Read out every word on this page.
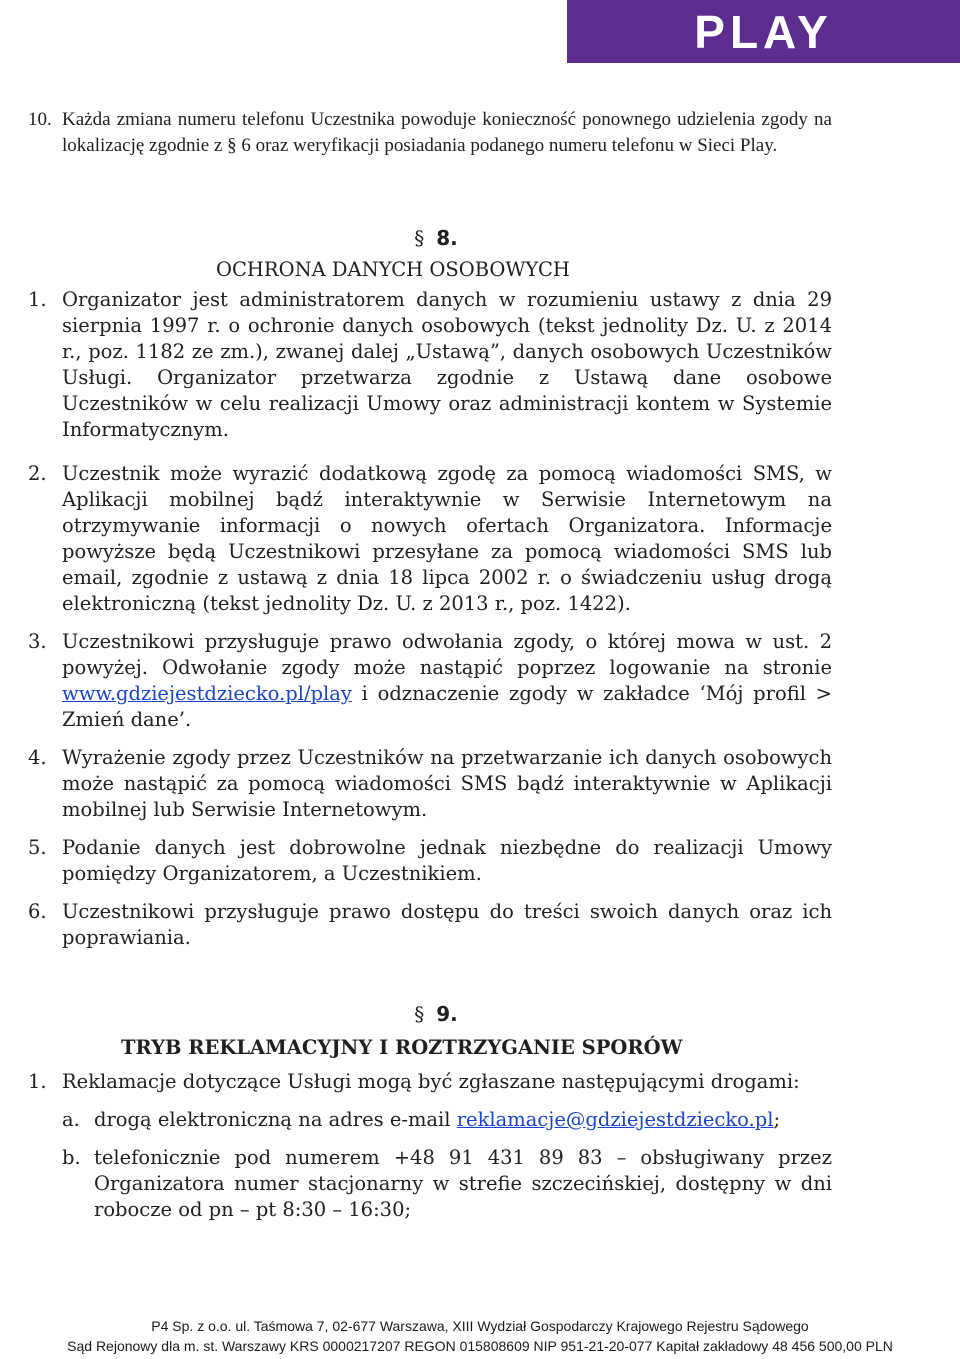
PLAY
10. Każda zmiana numeru telefonu Uczestnika powoduje konieczność ponownego udzielenia zgody na lokalizację zgodnie z § 6 oraz weryfikacji posiadania podanego numeru telefonu w Sieci Play.

§ 8.

OCHRONA DANYCH OSOBOWYCH

1. Organizator jest administratorem danych w rozumieniu ustawy z dnia 29 sierpnia 1997 r. o ochronie danych osobowych (tekst jednolity Dz. U. z 2014 r., poz. 1182 ze zm.), zwanej dalej „Ustawą”, danych osobowych Uczestników Usługi. Organizator przetwarza zgodnie z Ustawą dane osobowe Uczestników w celu realizacji Umowy oraz administracji kontem w Systemie Informatycznym.
2. Uczestnik może wyrazić dodatkową zgodę za pomocą wiadomości SMS, w Aplikacji mobilnej bądź interaktywnie w Serwisie Internetowym na otrzymywanie informacji o nowych ofertach Organizatora. Informacje powyższe będą Uczestnikowi przesyłane za pomocą wiadomości SMS lub email, zgodnie z ustawą z dnia 18 lipca 2002 r. o świadczeniu usług drogą elektroniczną (tekst jednolity Dz. U. z 2013 r., poz. 1422).
3. Uczestnikowi przysługuje prawo odwołania zgody, o której mowa w ust. 2 powyżej. Odwołanie zgody może nastąpić poprzez logowanie na stronie www.gdziejestdziecko.pl/play i odznaczenie zgody w zakładce ‘Mój profil > Zmień dane’.
4. Wyrażenie zgody przez Uczestników na przetwarzanie ich danych osobowych może nastąpić za pomocą wiadomości SMS bądź interaktywnie w Aplikacji mobilnej lub Serwisie Internetowym.
5. Podanie danych jest dobrowolne jednak niezbędne do realizacji Umowy pomiędzy Organizatorem, a Uczestnikiem.
6. Uczestnikowi przysługuje prawo dostępu do treści swoich danych oraz ich poprawiania.

§ 9.

TRYB REKLAMACYJNY I ROZTRZYGANIE SPORÓW

1. Reklamacje dotyczące Usługi mogą być zgłaszane następującymi drogami:
a. drogą elektroniczną na adres e-mail reklamacje@gdziejestdziecko.pl;
b. telefonicznie pod numerem +48 91 431 89 83 – obsługiwany przez Organizatora numer stacjonarny w strefie szczecińskiej, dostępny w dni robocze od pn – pt 8:30 – 16:30;
P4 Sp. z o.o. ul. Taśmowa 7, 02-677 Warszawa, XIII Wydział Gospodarczy Krajowego Rejestru Sądowego
Sąd Rejonowy dla m. st. Warszawy KRS 0000217207 REGON 015808609 NIP 951-21-20-077 Kapitał zakładowy 48 456 500,00 PLN
